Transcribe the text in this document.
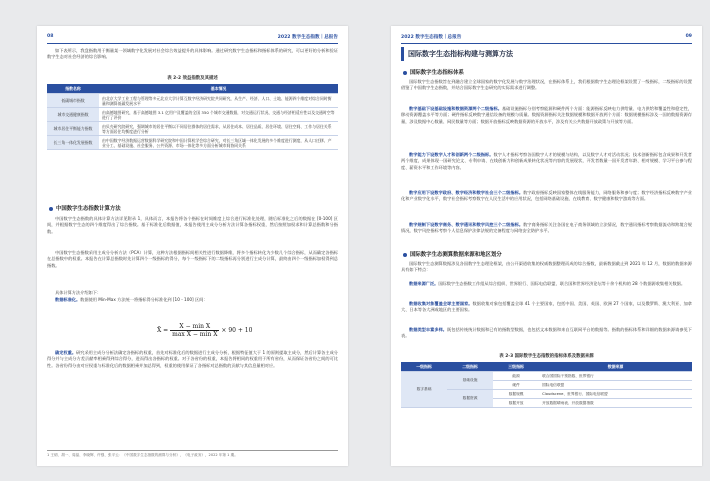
08	2022 数字生态指数｜总报告

如下表所示，我盘指数用于衡量某一领域数字化发展对社会综合效益提升的具体影响。通过研究数字生态指标和指标体系的研究，可以更好的分析和验证数字生态对社会经济的综合影响。

表 2-2 效益指数及其描述
指数名称	基本情况
低碳城市指数	由北京大学工业工程与管理等多元北京大学计算互数字经济研究院共同研究，从生产、经济、人口、土地、能源四个维度对综合同时衡量和测算低碳发展水平
城市交通健康指数	由高德地图研究，基于高德地图 3.1 亿用户及覆盖的全国 350 个城市交通数据，对交通运行状况、交通与经济相适应性以及交通时空等进行了评价
城市居住平衡能力指数	由贝壳研究院研究，强调城市的居住平衡以不同居住群体的居住需求，从居住成本、居住品质、居住环境、居住空间、工作与居住关系等方面居住均衡度进行分析
长三角一体化发展指数	由中国数字经济数据运营数据科学研究院和中国计算机学会综合研究，对长三角区域一体化发展的多个维度进行测度，从人口迁移、产业分工、基础设施、社会服务、公共资源、市场一体化等多方面分析城市间协同关系
中国数字生态指数计算方法

中国数字生态指数的具体计算方法详见附录 1，具体而言，本报告将各个指标在时间维度上综合进行标准化处理，随后标准化之后的数据在 [0-100] 区间，并根据数字生态的四个维度得出了综合指数。基于标准化后数据值，本报告使用主成分分析方法计算各指标权重，然后按照加权求和计算总指数和分指数。

中国数字生态指数采用主成分分析方法（PCA）计算，这种方法根据指标间相关性进行数据降维，将多个指标转化为少数几个综合指标，从而确定各指标在总指数中的权重。本报告在计算总指数时先计算四个一级指标的得分，每个一级指标下的二级指标再分别进行主成分计算，最终由四个一级指标加权得到总指数。

具体计算方法介绍如下：

数据标准化。数据使用 Min-Max 方法统一将指标得分标准化到 [10 - 100] 区间：

X̃ = $\frac{\text{X − min X}}{\text{max X − min X}} \times 90 + 10$

确定权重。研究采用主成分分析法确定各指标的权重，首先对标准化后的数据进行主成分分析，根据特征值大于 1 的原则提取主成分，然后计算各主成分得分并与主成分方差贡献率相乘得到综合得分，进而得出各指标的权重。对于各省份的权重，本报告将相同的权重用于所有省份，从而保证各省份之间的可比性。各省份得分由对应权重与标准化后的数据相乘并加总得到，权重的使用保证了各指标对总指数的贡献与其信息量相对应。

1 王炳、胡一、周晶、李晓辉、许强、张平云：《中国数字生态指数的测算与分析》，《电子政务》，2022 年第 1 期。
2022 数字生态指数｜总报告	09
国际数字生态指标构建与测算方法
国际数字生态指标体系

国际数字生态指数旨在到融合建立全球国家的数字化发展与数字治理状况，在指标体系上，我们根据数字生态理论框架设置了一级指标，二级指标的设置借鉴了中国数字生态指数，并结合国际数字生态研究的实际需求进行调整。

数字基础下设基础设施和数据资源两个二级指标。基础设施指标分别考察能源和硬件两个方面：能源指标反映电力供给量、电力供给和覆盖性和稳定性，移动资源覆盖水平等方面；硬件指标反映数字通信设备的规模与质量。数据资源指标关注数据规模和数据开放两个方面：数据规模指标涉及一国的数据资源存量，涉及数据中心数量、网民数量等方面；数据开放指标反映数据资源的开放水平，涉及有关公共数据开放政策与开放等方面。

数字能力下设数字人才和创新两个二级指标。数字人才指标考察各国数字人才的规模与结构，以及数字人才对活动状况；技术创新指标包含成果和开发者两个维度，成果体现一国研究论文、专利申请、在线创新力和创新成果转化状况等内容的发展现状，开发者数量一国开发者年龄、相对规模、学习平台参与程度、薪资水平和工作环境等内容。

数字应用下设数字政府、数字经济和数字社会三个二级指标。数字政府指标反映国家整体在线服务能力，网络服务和参与度；数字经济指标反映数字产业化和产业数字化水平，数字社会指标考察数字在人民生活中的应用状况，包括网络基础设施、在线教育、数字健康和数字游戏等方面。

数字规制下设数字商务、数字通讯和数字风控三个二级指标。数字商务指标关注各国在电子商务领域的立法情况，数字通讯指标考察数据流动和跨境合规情况，数字风控指标考察个人信息保护法律法规的完备程度与网络安全防护水平。

国际数字生态测算数据来源和地区划分

国际数字生态测算数据涉及各国数字生态理论框架，由公开渠道收集的权威数据整理而成的综合指数，最新数据截止到 2021 年 12 月，数据的数据来源具有如下特点：

数据来源广泛。国际数字生态指数工作组从综合组织、世界银行、国际电信联盟、联合国和世界经济论坛等十余个机构的 28 个数据源收集相关数据。

数据收集对象覆盖全球主要国家。数据收集对象包括覆盖全球 41 个主要国家，包括中国、美国、英国、欧洲 27 个国家，以及俄罗斯、澳大利亚、加拿大、日本等各大洲或地区的主要国家。

数据类型丰富多样。既包括传统统计数据和已有的指数型数据，也包括文本数据和来自互联网平台的数据等。指数的指标体系和详细的数据来源请参见下表。

表 2-3 国际数字生态指数的指标体系及数据来源
一级指标	二级指标	三级指标	数据来源
数字基础	基础设施	能源	联合国国际干预指数、世界银行
		硬件	国际电信联盟
	数据资源	数据规模	Cloudscene、世界银行、国际电信联盟
		数据开放	开放数据晴雨表、开放数据指数
